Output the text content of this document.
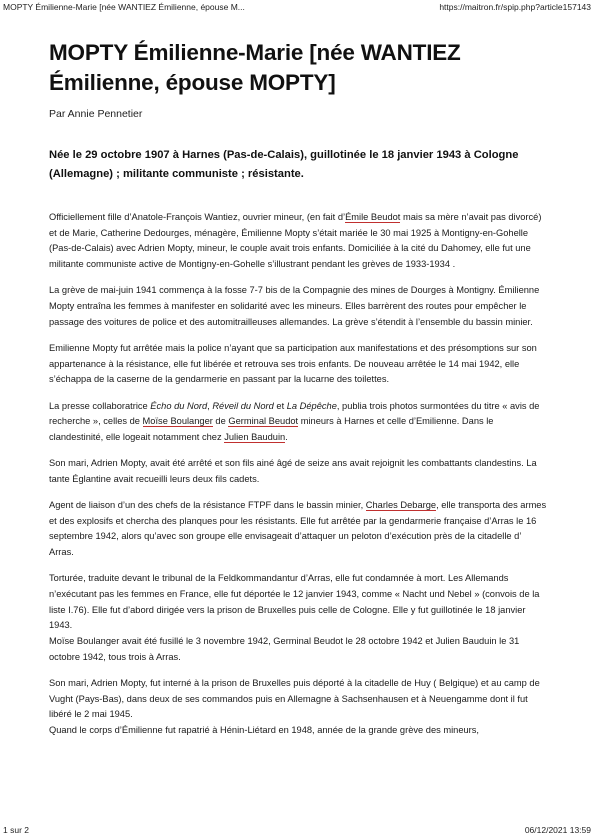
MOPTY Émilienne-Marie [née WANTIEZ Émilienne, épouse M...	https://maitron.fr/spip.php?article157143
MOPTY Émilienne-Marie [née WANTIEZ Émilienne, épouse MOPTY]
Par Annie Pennetier
Née le 29 octobre 1907 à Harnes (Pas-de-Calais), guillotinée le 18 janvier 1943 à Cologne (Allemagne) ; militante communiste ; résistante.

Officiellement fille d’Anatole-François Wantiez, ouvrier mineur, (en fait d’Émile Beudot mais sa mère n’avait pas divorcé) et de Marie, Catherine Dedourges, ménagère, Émilienne Mopty s’était mariée le 30 mai 1925 à Montigny-en-Gohelle (Pas-de-Calais) avec Adrien Mopty, mineur, le couple avait trois enfants. Domiciliée à la cité du Dahomey, elle fut une militante communiste active de Montigny-en-Gohelle s’illustrant pendant les grèves de 1933-1934 .

La grève de mai-juin 1941 commença à la fosse 7-7 bis de la Compagnie des mines de Dourges à Montigny. Émilienne Mopty entraîna les femmes à manifester en solidarité avec les mineurs. Elles barrèrent des routes pour empêcher le passage des voitures de police et des automitrailleuses allemandes. La grève s’étendit à l’ensemble du bassin minier.

Emilienne Mopty fut arrêtée mais la police n’ayant que sa participation aux manifestations et des présomptions sur son appartenance à la résistance, elle fut libérée et retrouva ses trois enfants. De nouveau arrêtée le 14 mai 1942, elle s’échappa de la caserne de la gendarmerie en passant par la lucarne des toilettes.

La presse collaboratrice Écho du Nord, Réveil du Nord et La Dépêche, publia trois photos surmontées du titre « avis de recherche », celles de Moïse Boulanger de Germinal Beudot mineurs à Harnes et celle d’Emilienne. Dans le clandestinité, elle logeait notamment chez Julien Bauduin.

Son mari, Adrien Mopty, avait été arrêté et son fils ainé âgé de seize ans avait rejoignit les combattants clandestins. La tante Églantine avait recueilli leurs deux fils cadets.

Agent de liaison d’un des chefs de la résistance FTPF dans le bassin minier, Charles Debarge, elle transporta des armes et des explosifs et chercha des planques pour les résistants. Elle fut arrêtée par la gendarmerie française d’Arras le 16 septembre 1942, alors qu’avec son groupe elle envisageait d’attaquer un peloton d’exécution près de la citadelle d’ Arras.

Torturée, traduite devant le tribunal de la Feldkommandantur d’Arras, elle fut condamnée à mort. Les Allemands n’exécutant pas les femmes en France, elle fut déportée le 12 janvier 1943, comme « Nacht und Nebel » (convois de la liste I.76). Elle fut d’abord dirigée vers la prison de Bruxelles puis celle de Cologne. Elle y fut guillotinée le 18 janvier 1943.
Moïse Boulanger avait été fusillé le 3 novembre 1942, Germinal Beudot le 28 octobre 1942 et Julien Bauduin le 31 octobre 1942, tous trois à Arras.

Son mari, Adrien Mopty, fut interné à la prison de Bruxelles puis déporté à la citadelle de Huy ( Belgique) et au camp de Vught (Pays-Bas), dans deux de ses commandos puis en Allemagne à Sachsenhausen et à Neuengamme dont il fut libéré le 2 mai 1945.
Quand le corps d’Émilienne fut rapatrié à Hénin-Liétard en 1948, année de la grande grève des mineurs,

1 sur 2	06/12/2021 13:59
